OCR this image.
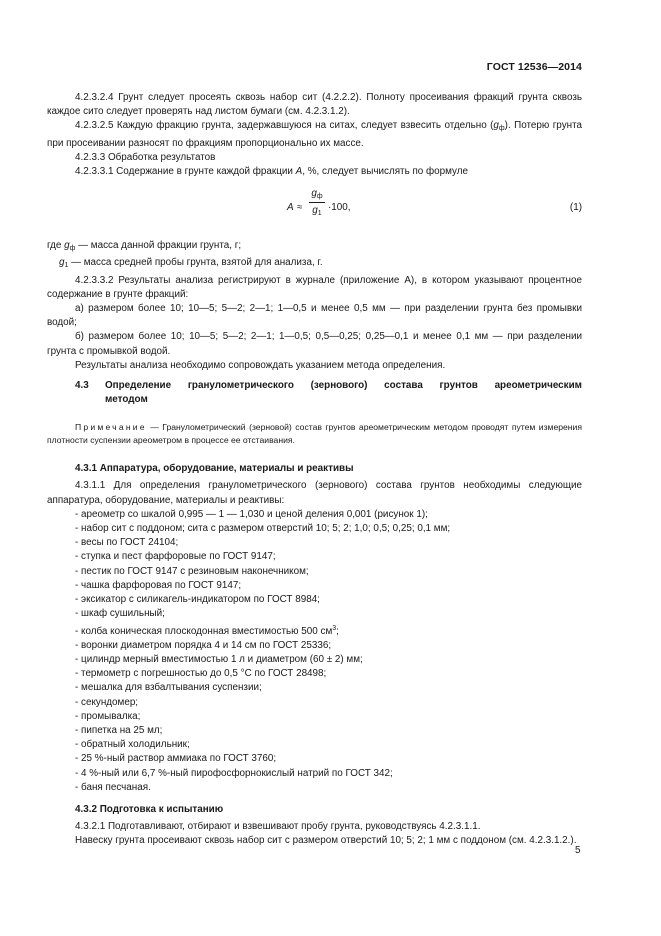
ГОСТ 12536—2014

4.2.3.2.4 Грунт следует просеять сквозь набор сит (4.2.2.2). Полноту просеивания фракций грунта сквозь каждое сито следует проверять над листом бумаги (см. 4.2.3.1.2).

4.2.3.2.5 Каждую фракцию грунта, задержавшуюся на ситах, следует взвесить отдельно $(g_ф)$. Потерю грунта при просеивании разносят по фракциям пропорционально их массе.

4.2.3.3 Обработка результатов

4.2.3.3.1 Содержание в грунте каждой фракции A, %, следует вычислять по формуле

A ≈
$g_ф$
$g_1$
·100,	(1)

где $g_ф$ — масса данной фракции грунта, г;

$g_1$ — масса средней пробы грунта, взятой для анализа, г.

4.2.3.3.2 Результаты анализа регистрируют в журнале (приложение А), в котором указывают процентное содержание в грунте фракций:

а) размером более 10; 10—5; 5—2; 2—1; 1—0,5 и менее 0,5 мм — при разделении грунта без промывки водой;

б) размером более 10; 10—5; 5—2; 2—1; 1—0,5; 0,5—0,25; 0,25—0,1 и менее 0,1 мм — при разделении грунта с промывкой водой.

Результаты анализа необходимо сопровождать указанием метода определения.

4.3	Определение гранулометрического (зернового) состава грунтов ареометрическим
методом

Примечание — Гранулометрический (зерновой) состав грунтов ареометрическим методом проводят путем измерения плотности суспензии ареометром в процессе ее отстаивания.

4.3.1 Аппаратура, оборудование, материалы и реактивы

4.3.1.1 Для определения гранулометрического (зернового) состава грунтов необходимы следующие аппаратура, оборудование, материалы и реактивы:

- ареометр со шкалой 0,995 — 1 — 1,030 и ценой деления 0,001 (рисунок 1);
- набор сит с поддоном; сита с размером отверстий 10; 5; 2; 1,0; 0,5; 0,25; 0,1 мм;
- весы по ГОСТ 24104;
- ступка и пест фарфоровые по ГОСТ 9147;
- пестик по ГОСТ 9147 с резиновым наконечником;
- чашка фарфоровая по ГОСТ 9147;
- эксикатор с силикагель-индикатором по ГОСТ 8984;
- шкаф сушильный;
- колба коническая плоскодонная вместимостью 500 $см^3$;
- воронки диаметром порядка 4 и 14 см по ГОСТ 25336;
- цилиндр мерный вместимостью 1 л и диаметром (60 ± 2) мм;
- термометр с погрешностью до 0,5 °С по ГОСТ 28498;
- мешалка для взбалтывания суспензии;
- секундомер;
- промывалка;
- пипетка на 25 мл;
- обратный холодильник;
- 25 %-ный раствор аммиака по ГОСТ 3760;
- 4 %-ный или 6,7 %-ный пирофосфорнокислый натрий по ГОСТ 342;
- баня песчаная.

4.3.2 Подготовка к испытанию

4.3.2.1 Подготавливают, отбирают и взвешивают пробу грунта, руководствуясь 4.2.3.1.1.

Навеску грунта просеивают сквозь набор сит с размером отверстий 10; 5; 2; 1 мм с поддоном (см. 4.2.3.1.2.).

5
